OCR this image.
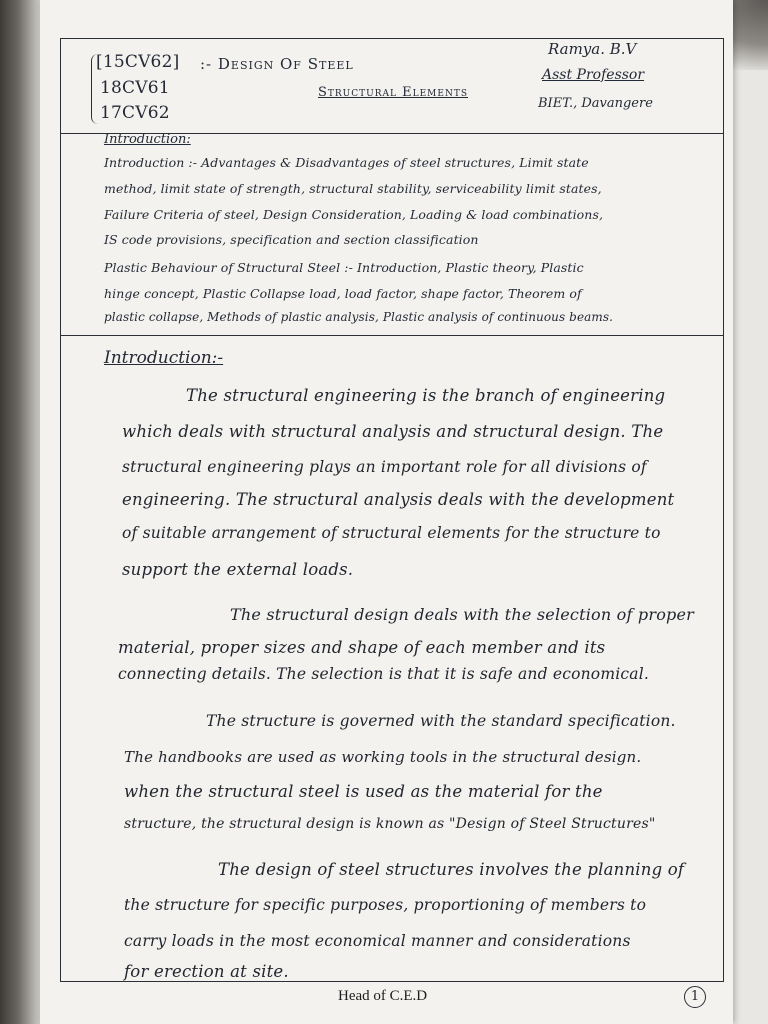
[15CV62]
18CV61
17CV62
:- Design Of Steel
Structural Elements
Ramya. B.V
Asst Professor
BIET., Davangere
Introduction:
Introduction :- Advantages & Disadvantages of steel structures, Limit state
method, limit state of strength, structural stability, serviceability limit states,
Failure Criteria of steel, Design Consideration, Loading & load combinations,
IS code provisions, specification and section classification
Plastic Behaviour of Structural Steel :- Introduction, Plastic theory, Plastic
hinge concept, Plastic Collapse load, load factor, shape factor, Theorem of
plastic collapse, Methods of plastic analysis, Plastic analysis of continuous beams.
Introduction:-
The structural engineering is the branch of engineering
which deals with structural analysis and structural design. The
structural engineering plays an important role for all divisions of
engineering. The structural analysis deals with the development
of suitable arrangement of structural elements for the structure to
support the external loads.
The structural design deals with the selection of proper
material, proper sizes and shape of each member and its
connecting details. The selection is that it is safe and economical.
The structure is governed with the standard specification.
The handbooks are used as working tools in the structural design.
when the structural steel is used as the material for the
structure, the structural design is known as "Design of Steel Structures"
The design of steel structures involves the planning of
the structure for specific purposes, proportioning of members to
carry loads in the most economical manner and considerations
for erection at site.
Head of C.E.D	1
